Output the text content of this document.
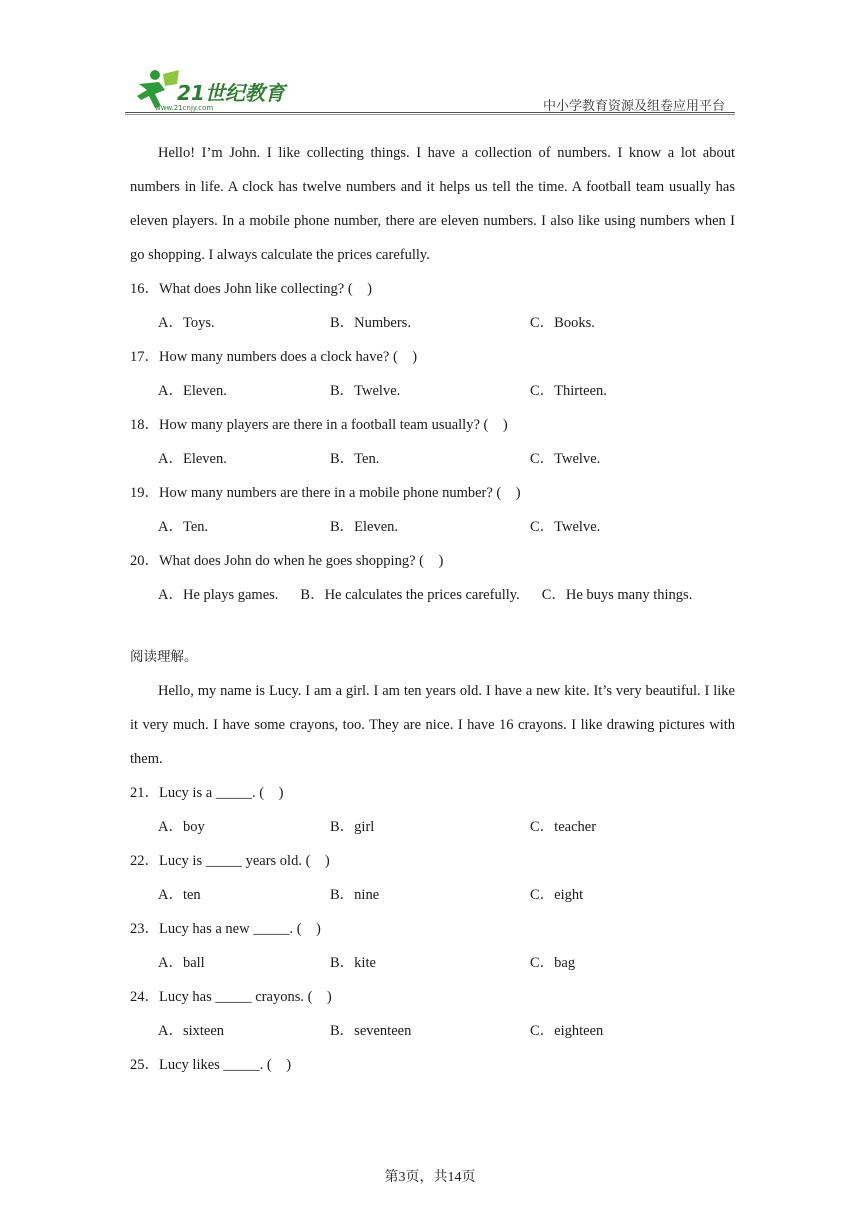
21世纪教育
www.21cnjy.com	中小学教育资源及组卷应用平台

Hello! I’m John. I like collecting things. I have a collection of numbers. I know a lot about numbers in life. A clock has twelve numbers and it helps us tell the time. A football team usually has eleven players. In a mobile phone number, there are eleven numbers. I also like using numbers when I go shopping. I always calculate the prices carefully.

16．What does John like collecting? (　)

A．Toys.	B．Numbers.	C．Books.

17．How many numbers does a clock have? (　)

A．Eleven.	B．Twelve.	C．Thirteen.

18．How many players are there in a football team usually? (　)

A．Eleven.	B．Ten.	C．Twelve.

19．How many numbers are there in a mobile phone number? (　)

A．Ten.	B．Eleven.	C．Twelve.

20．What does John do when he goes shopping? (　)

A．He plays games. B．He calculates the prices carefully. C．He buys many things.

阅读理解。

Hello, my name is Lucy. I am a girl. I am ten years old. I have a new kite. It’s very beautiful. I like it very much. I have some crayons, too. They are nice. I have 16 crayons. I like drawing pictures with them.

21．Lucy is a _____. (　)

A．boy	B．girl	C．teacher

22．Lucy is _____ years old. (　)

A．ten	B．nine	C．eight

23．Lucy has a new _____. (　)

A．ball	B．kite	C．bag

24．Lucy has _____ crayons. (　)

A．sixteen	B．seventeen	C．eighteen

25．Lucy likes _____. (　)

第3页，共14页
